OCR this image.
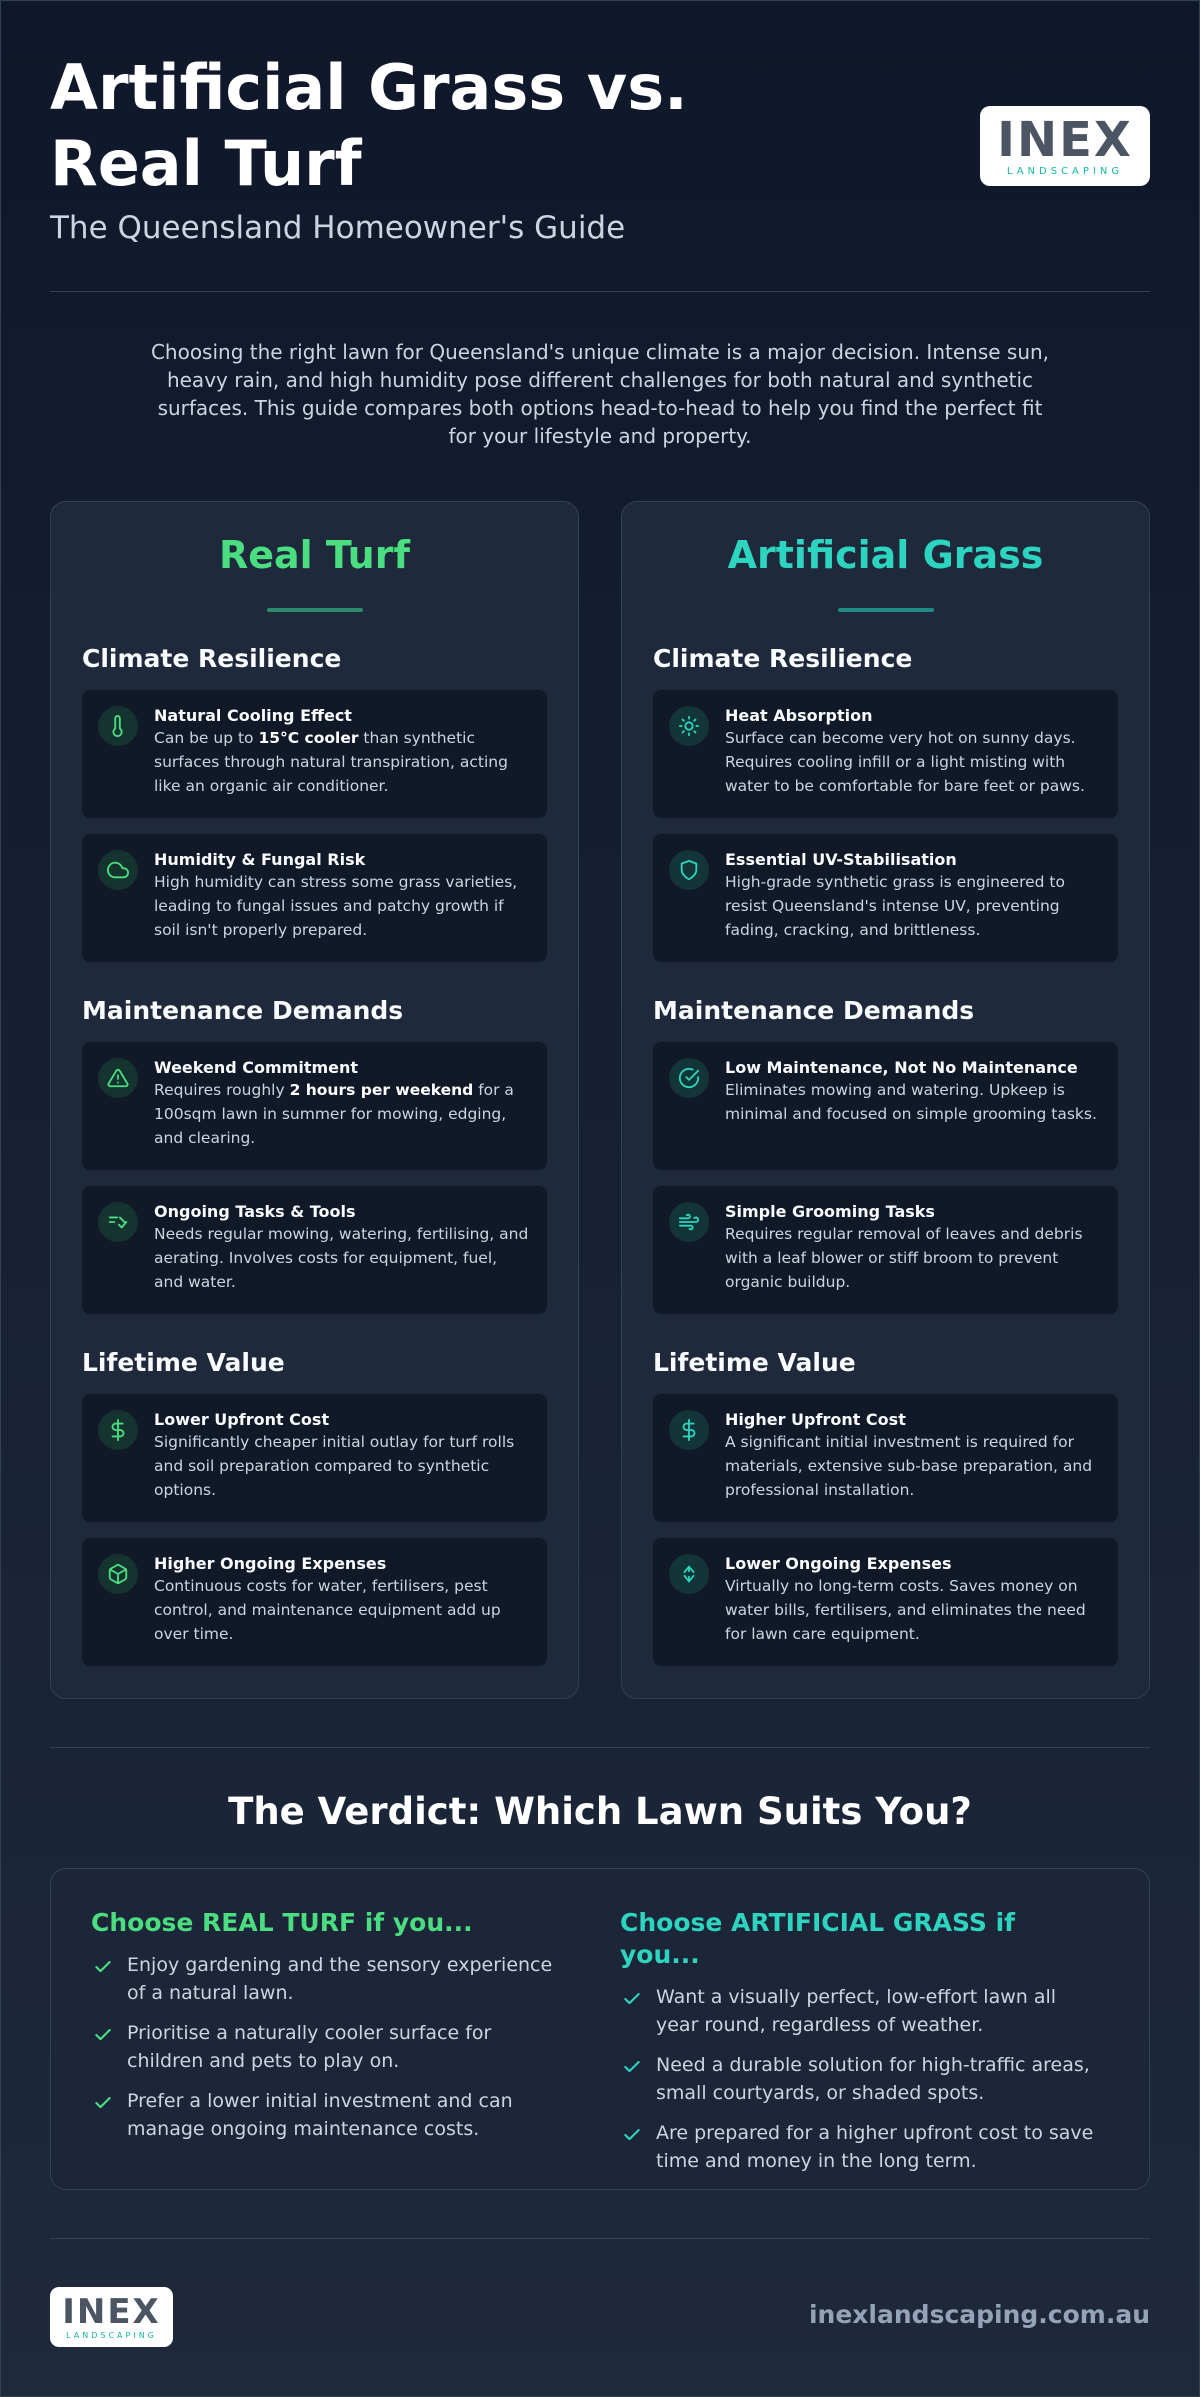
Artificial Grass vs. Real Turf
The Queensland Homeowner's Guide
INEX
LANDSCAPING
Choosing the right lawn for Queensland's unique climate is a major decision. Intense sun, heavy rain, and high humidity pose different challenges for both natural and synthetic surfaces. This guide compares both options head-to-head to help you find the perfect fit for your lifestyle and property.
Real Turf
Climate Resilience
Natural Cooling Effect
Can be up to 15°C cooler than synthetic surfaces through natural transpiration, acting like an organic air conditioner.
Humidity & Fungal Risk
High humidity can stress some grass varieties, leading to fungal issues and patchy growth if soil isn't properly prepared.
Maintenance Demands
Weekend Commitment
Requires roughly 2 hours per weekend for a 100sqm lawn in summer for mowing, edging, and clearing.
Ongoing Tasks & Tools
Needs regular mowing, watering, fertilising, and aerating. Involves costs for equipment, fuel, and water.
Lifetime Value
Lower Upfront Cost
Significantly cheaper initial outlay for turf rolls and soil preparation compared to synthetic options.
Higher Ongoing Expenses
Continuous costs for water, fertilisers, pest control, and maintenance equipment add up over time.
Artificial Grass
Climate Resilience
Heat Absorption
Surface can become very hot on sunny days. Requires cooling infill or a light misting with water to be comfortable for bare feet or paws.
Essential UV-Stabilisation
High-grade synthetic grass is engineered to resist Queensland's intense UV, preventing fading, cracking, and brittleness.
Maintenance Demands
Low Maintenance, Not No Maintenance
Eliminates mowing and watering. Upkeep is minimal and focused on simple grooming tasks.
Simple Grooming Tasks
Requires regular removal of leaves and debris with a leaf blower or stiff broom to prevent organic buildup.
Lifetime Value
Higher Upfront Cost
A significant initial investment is required for materials, extensive sub-base preparation, and professional installation.
Lower Ongoing Expenses
Virtually no long-term costs. Saves money on water bills, fertilisers, and eliminates the need for lawn care equipment.
The Verdict: Which Lawn Suits You?
Choose REAL TURF if you...
Enjoy gardening and the sensory experience of a natural lawn.
Prioritise a naturally cooler surface for children and pets to play on.
Prefer a lower initial investment and can manage ongoing maintenance costs.
Choose ARTIFICIAL GRASS if you...
Want a visually perfect, low-effort lawn all year round, regardless of weather.
Need a durable solution for high-traffic areas, small courtyards, or shaded spots.
Are prepared for a higher upfront cost to save time and money in the long term.
INEX
LANDSCAPING
inexlandscaping.com.au
